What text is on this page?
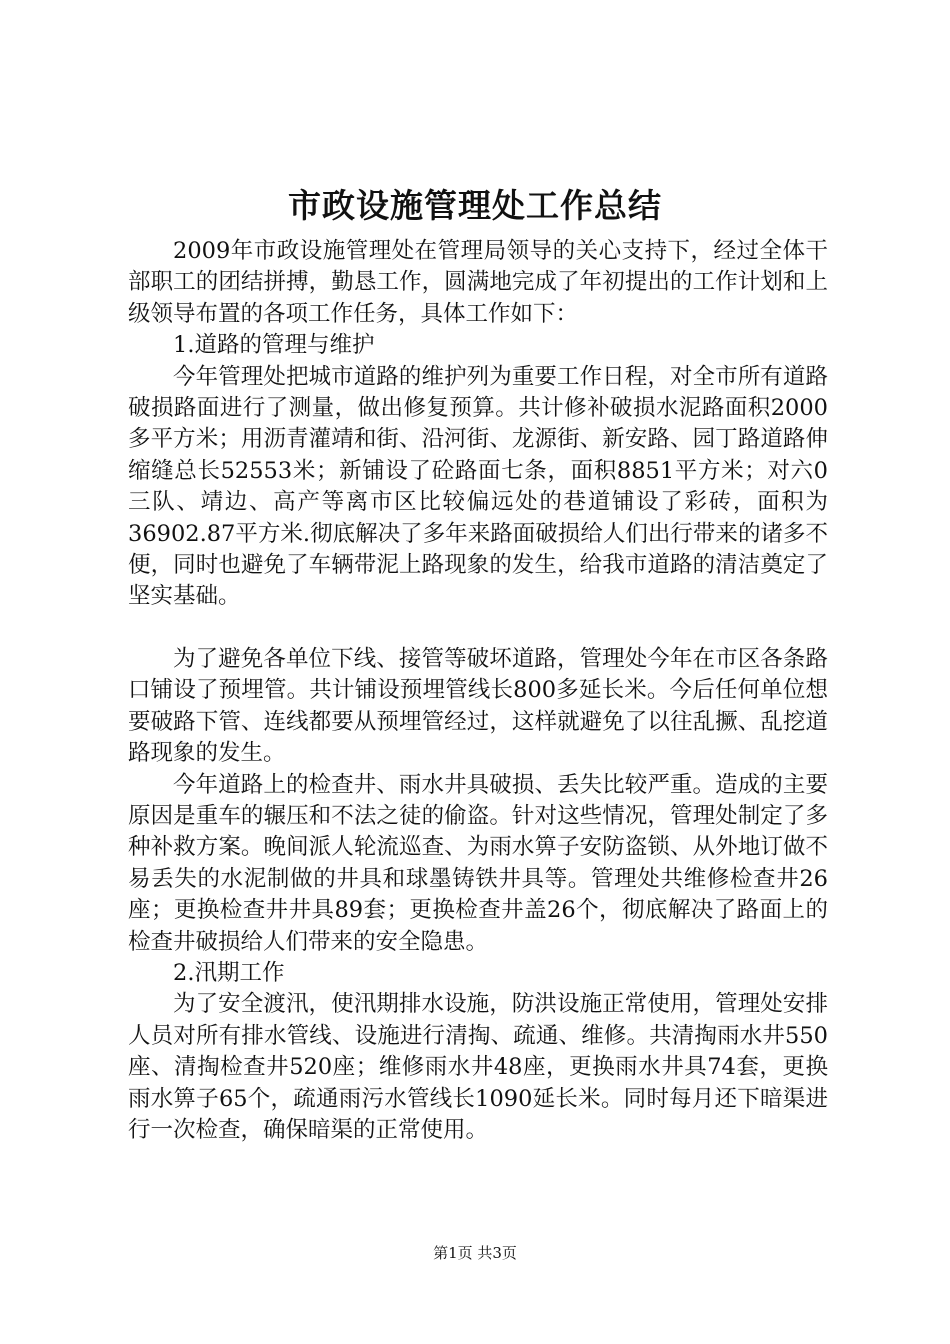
市政设施管理处工作总结

2009年市政设施管理处在管理局领导的关心支持下，经过全体干部职工的团结拼搏，勤恳工作，圆满地完成了年初提出的工作计划和上级领导布置的各项工作任务，具体工作如下：

1.道路的管理与维护

今年管理处把城市道路的维护列为重要工作日程，对全市所有道路破损路面进行了测量，做出修复预算。共计修补破损水泥路面积2000多平方米；用沥青灌靖和街、沿河街、龙源街、新安路、园丁路道路伸缩缝总长52553米；新铺设了砼路面七条，面积8851平方米；对六0三队、靖边、高产等离市区比较偏远处的巷道铺设了彩砖，面积为36902.87平方米.彻底解决了多年来路面破损给人们出行带来的诸多不便，同时也避免了车辆带泥上路现象的发生，给我市道路的清洁奠定了坚实基础。

为了避免各单位下线、接管等破坏道路，管理处今年在市区各条路口铺设了预埋管。共计铺设预埋管线长800多延长米。今后任何单位想要破路下管、连线都要从预埋管经过，这样就避免了以往乱撅、乱挖道路现象的发生。

今年道路上的检查井、雨水井具破损、丢失比较严重。造成的主要原因是重车的辗压和不法之徒的偷盗。针对这些情况，管理处制定了多种补救方案。晚间派人轮流巡查、为雨水箅子安防盗锁、从外地订做不易丢失的水泥制做的井具和球墨铸铁井具等。管理处共维修检查井26座；更换检查井井具89套；更换检查井盖26个，彻底解决了路面上的检查井破损给人们带来的安全隐患。

2.汛期工作

为了安全渡汛，使汛期排水设施，防洪设施正常使用，管理处安排人员对所有排水管线、设施进行清掏、疏通、维修。共清掏雨水井550座、清掏检查井520座；维修雨水井48座，更换雨水井具74套，更换雨水箅子65个，疏通雨污水管线长1090延长米。同时每月还下暗渠进行一次检查，确保暗渠的正常使用。

第1页 共3页
